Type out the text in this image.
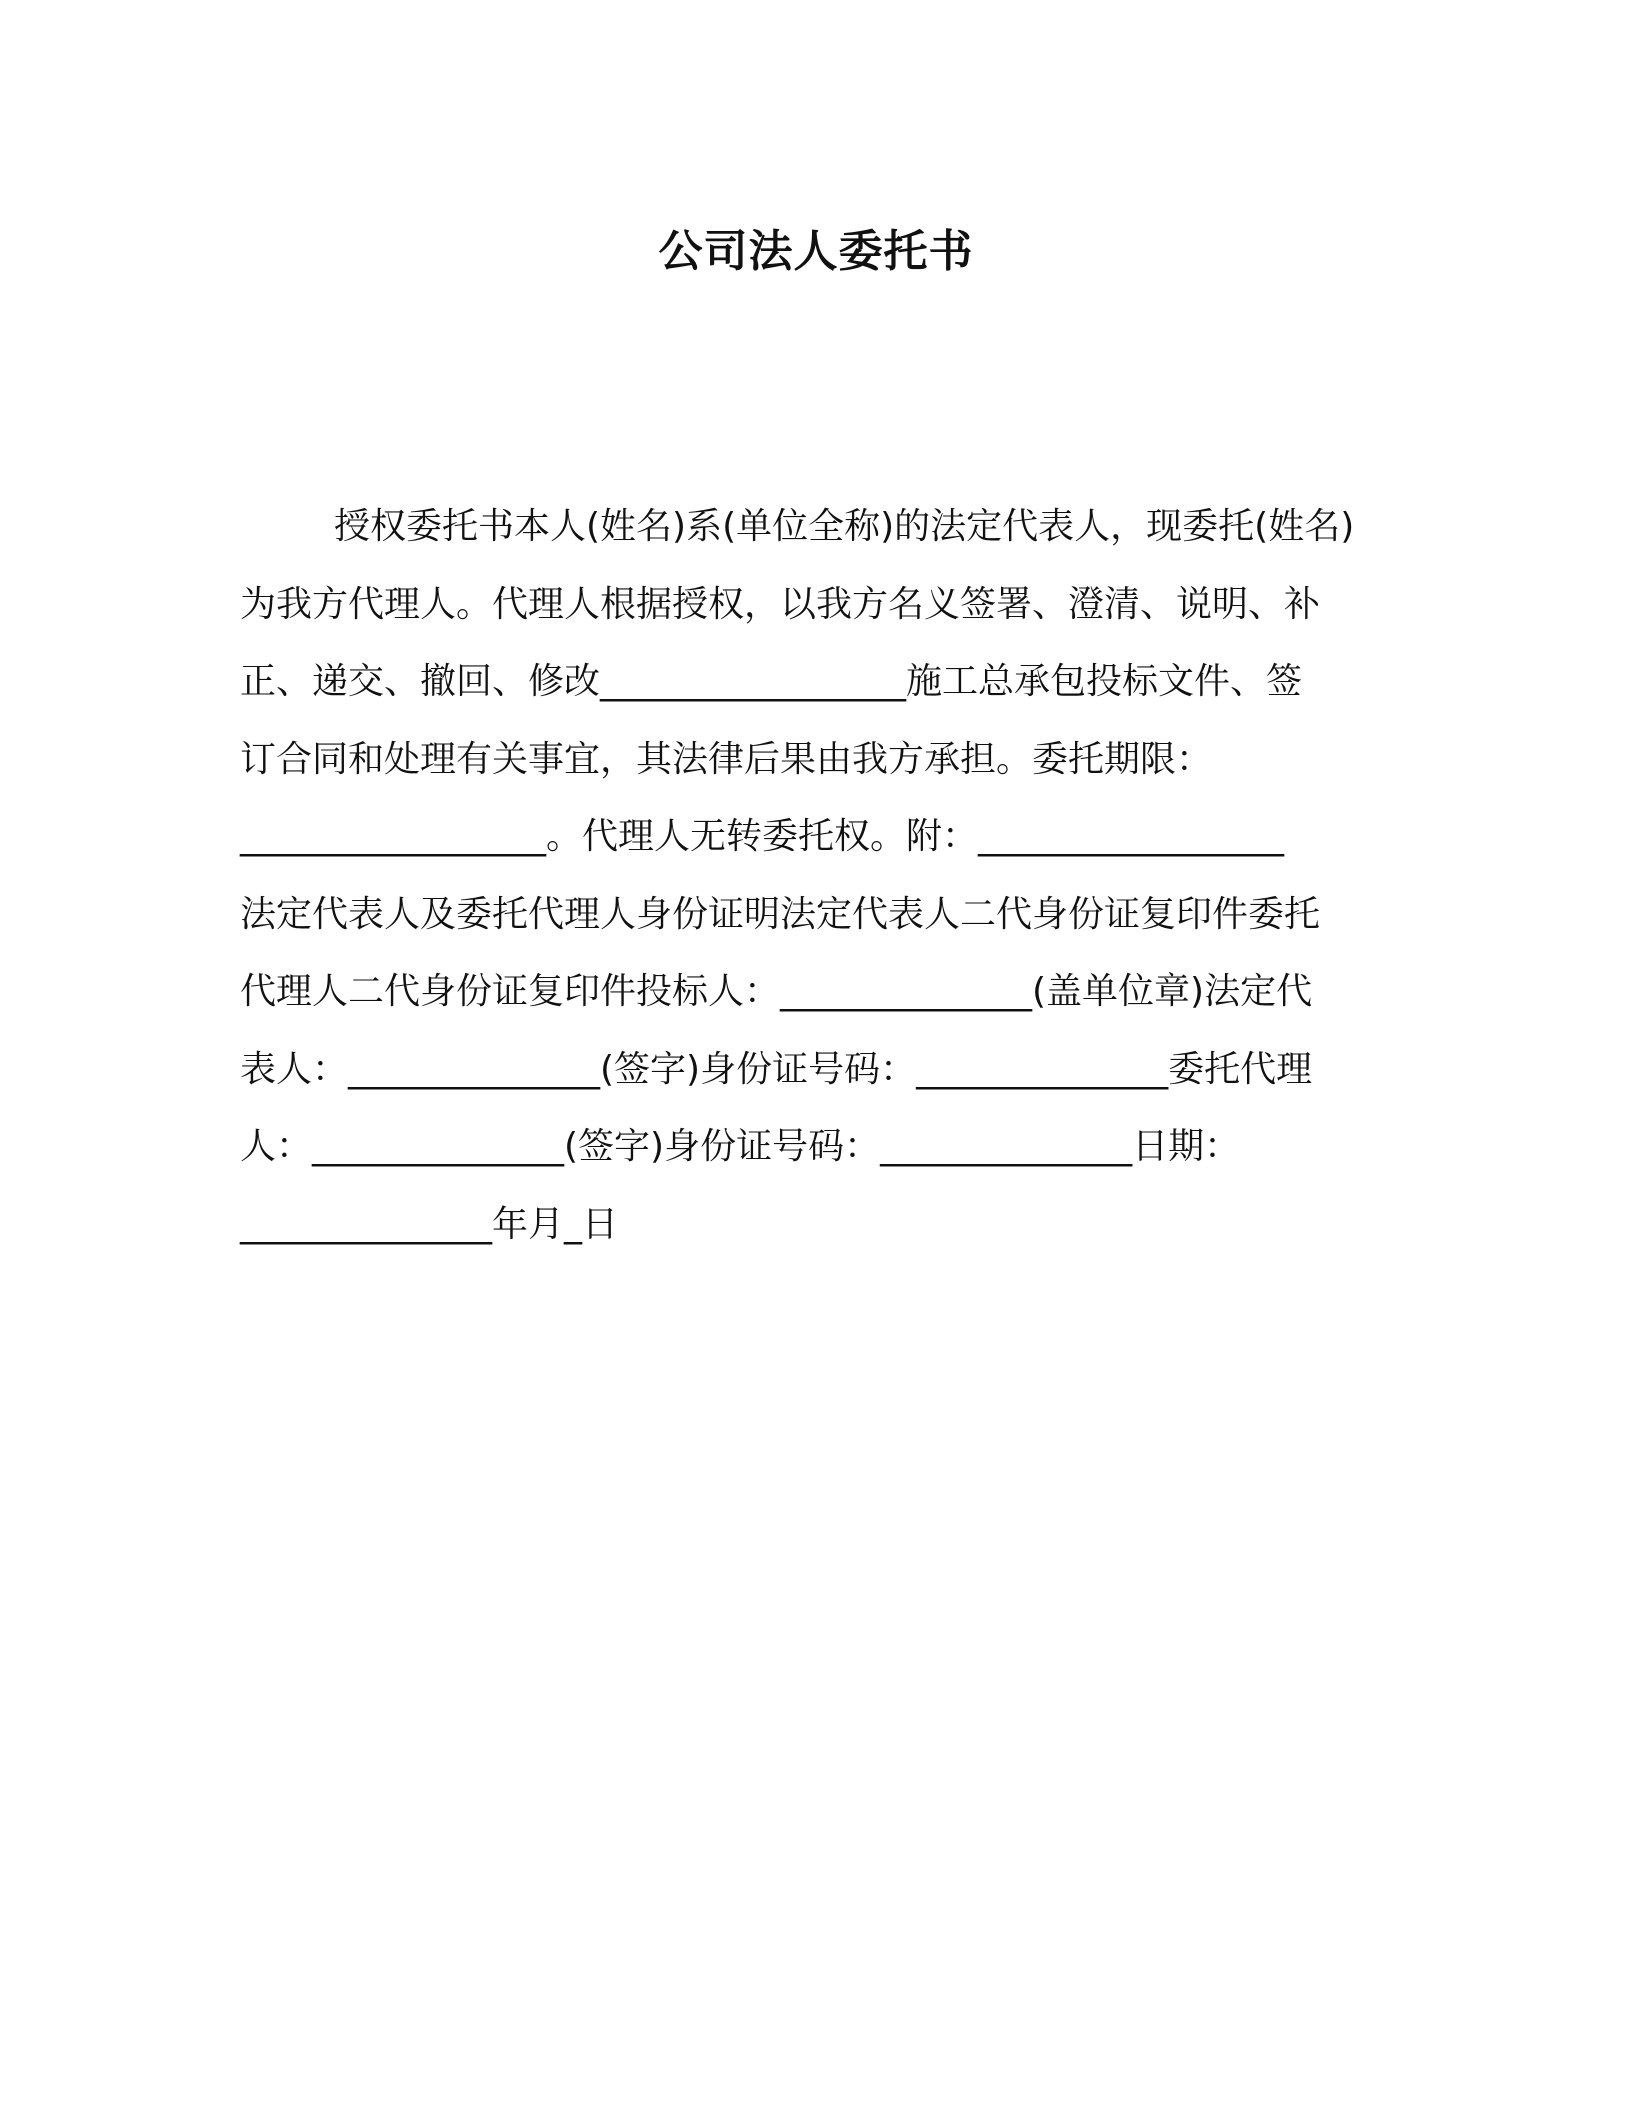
公司法人委托书
授权委托书本人(姓名)系(单位全称)的法定代表人，现委托(姓名)
为我方代理人。代理人根据授权，以我方名义签署、澄清、说明、补
正、递交、撤回、修改_________________施工总承包投标文件、签
订合同和处理有关事宜，其法律后果由我方承担。委托期限：
_________________。代理人无转委托权。附：_________________
法定代表人及委托代理人身份证明法定代表人二代身份证复印件委托
代理人二代身份证复印件投标人：______________(盖单位章)法定代
表人：______________(签字)身份证号码：______________委托代理
人：______________(签字)身份证号码：______________日期：
______________年月_日
